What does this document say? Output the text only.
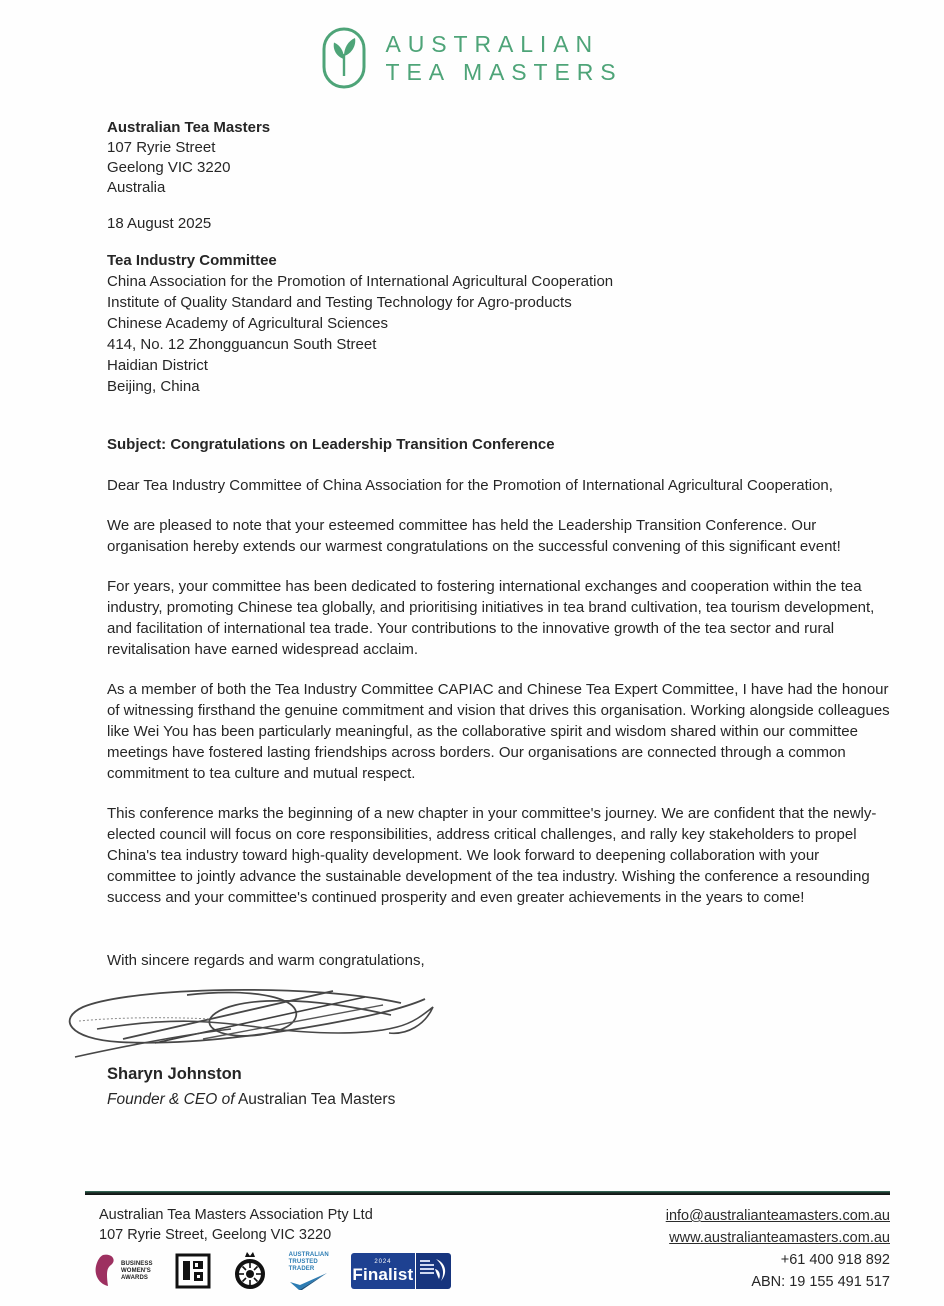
AUSTRALIAN
TEA MASTERS
Australian Tea Masters
107 Ryrie Street
Geelong VIC 3220
Australia
18 August 2025
Tea Industry Committee
China Association for the Promotion of International Agricultural Cooperation
Institute of Quality Standard and Testing Technology for Agro-products
Chinese Academy of Agricultural Sciences
414, No. 12 Zhongguancun South Street
Haidian District
Beijing, China
Subject: Congratulations on Leadership Transition Conference
Dear Tea Industry Committee of China Association for the Promotion of International Agricultural Cooperation,

We are pleased to note that your esteemed committee has held the Leadership Transition Conference. Our organisation hereby extends our warmest congratulations on the successful convening of this significant event!

For years, your committee has been dedicated to fostering international exchanges and cooperation within the tea industry, promoting Chinese tea globally, and prioritising initiatives in tea brand cultivation, tea tourism development, and facilitation of international tea trade. Your contributions to the innovative growth of the tea sector and rural revitalisation have earned widespread acclaim.

As a member of both the Tea Industry Committee CAPIAC and Chinese Tea Expert Committee, I have had the honour of witnessing firsthand the genuine commitment and vision that drives this organisation. Working alongside colleagues like Wei You has been particularly meaningful, as the collaborative spirit and wisdom shared within our committee meetings have fostered lasting friendships across borders. Our organisations are connected through a common commitment to tea culture and mutual respect.

This conference marks the beginning of a new chapter in your committee's journey. We are confident that the newly-elected council will focus on core responsibilities, address critical challenges, and rally key stakeholders to propel China's tea industry toward high-quality development. We look forward to deepening collaboration with your committee to jointly advance the sustainable development of the tea industry. Wishing the conference a resounding success and your committee's continued prosperity and even greater achievements in the years to come!

With sincere regards and warm congratulations,
Sharyn Johnston
Founder & CEO of Australian Tea Masters
Australian Tea Masters Association Pty Ltd
107 Ryrie Street, Geelong VIC 3220
BUSINESS
WOMEN'S
AWARDS
AUSTRALIAN
TRUSTED
TRADER
2024
Finalist
info@australianteamasters.com.au
www.australianteamasters.com.au
+61 400 918 892
ABN: 19 155 491 517
